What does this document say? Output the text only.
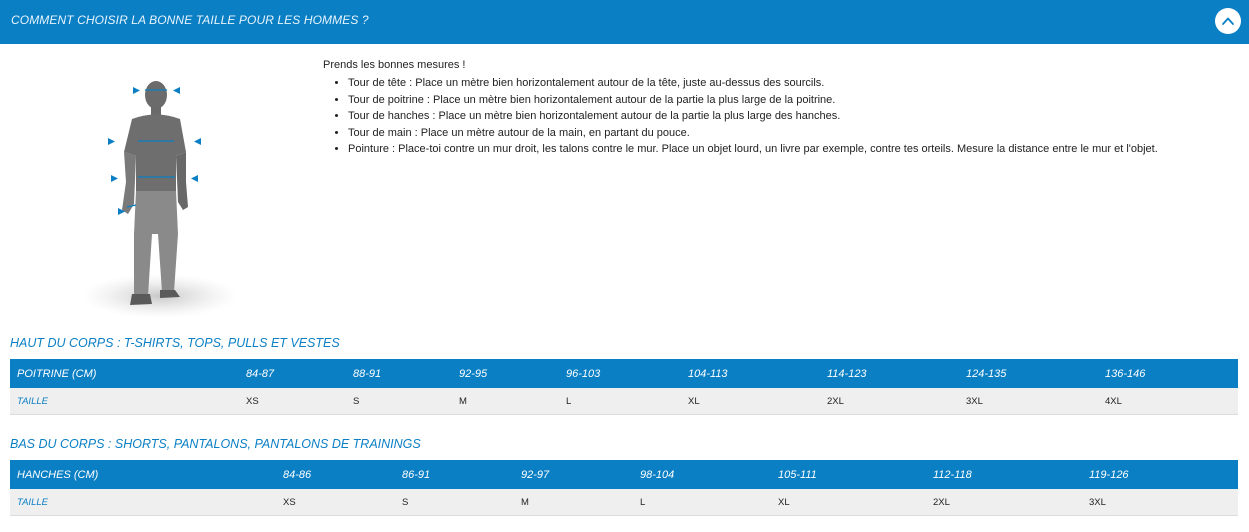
COMMENT CHOISIR LA BONNE TAILLE POUR LES HOMMES ?

Prends les bonnes mesures !

• Tour de tête : Place un mètre bien horizontalement autour de la tête, juste au-dessus des sourcils.
• Tour de poitrine : Place un mètre bien horizontalement autour de la partie la plus large de la poitrine.
• Tour de hanches : Place un mètre bien horizontalement autour de la partie la plus large des hanches.
• Tour de main : Place un mètre autour de la main, en partant du pouce.
• Pointure : Place-toi contre un mur droit, les talons contre le mur. Place un objet lourd, un livre par exemple, contre tes orteils. Mesure la distance entre le mur et l'objet.
HAUT DU CORPS : T-SHIRTS, TOPS, PULLS ET VESTES
POITRINE (CM)	84-87	88-91	92-95	96-103	104-113	114-123	124-135	136-146
TAILLE	XS	S	M	L	XL	2XL	3XL	4XL
BAS DU CORPS : SHORTS, PANTALONS, PANTALONS DE TRAININGS
HANCHES (CM)	84-86	86-91	92-97	98-104	105-111	112-118	119-126
TAILLE	XS	S	M	L	XL	2XL	3XL
